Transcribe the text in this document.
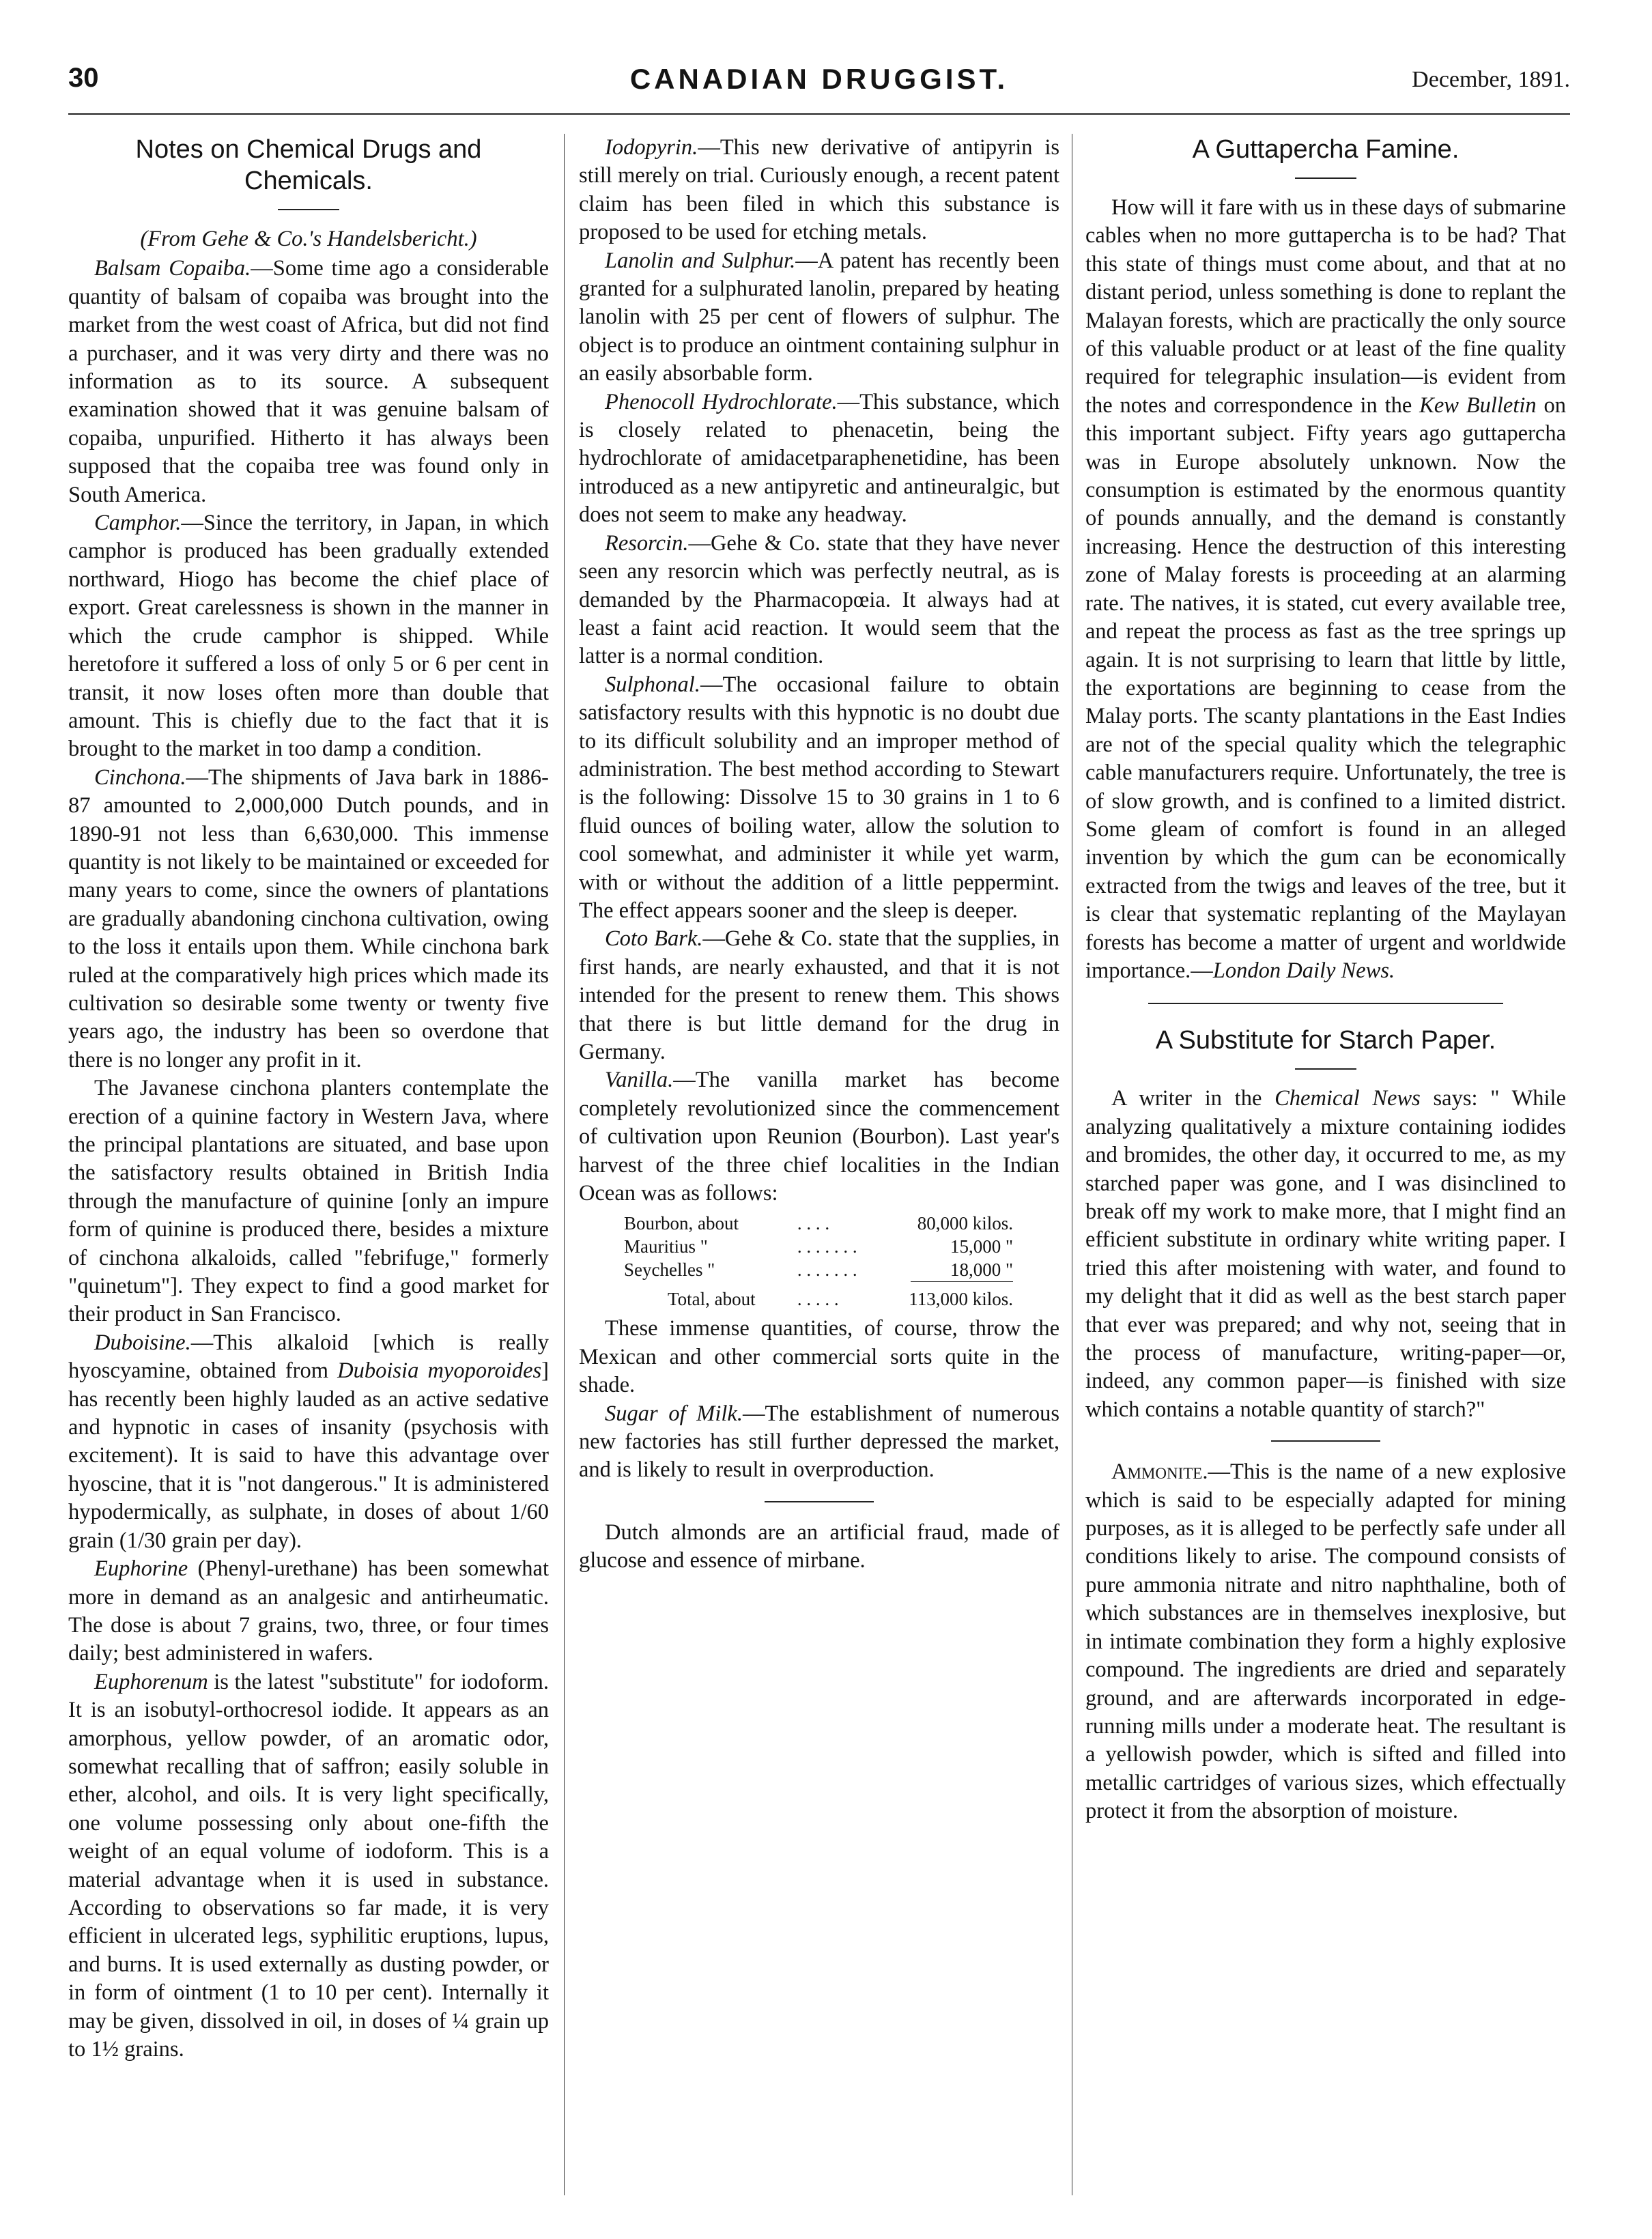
30	CANADIAN DRUGGIST.	December, 1891.
Notes on Chemical Drugs and Chemicals.

(From Gehe & Co.'s Handelsbericht.)

Balsam Copaiba.—Some time ago a considerable quantity of balsam of copaiba was brought into the market from the west coast of Africa, but did not find a purchaser, and it was very dirty and there was no information as to its source. A subsequent examination showed that it was genuine balsam of copaiba, unpurified. Hitherto it has always been supposed that the copaiba tree was found only in South America.

Camphor.—Since the territory, in Japan, in which camphor is produced has been gradually extended northward, Hiogo has become the chief place of export. Great carelessness is shown in the manner in which the crude camphor is shipped. While heretofore it suffered a loss of only 5 or 6 per cent in transit, it now loses often more than double that amount. This is chiefly due to the fact that it is brought to the market in too damp a condition.

Cinchona.—The shipments of Java bark in 1886-87 amounted to 2,000,000 Dutch pounds, and in 1890-91 not less than 6,630,000. This immense quantity is not likely to be maintained or exceeded for many years to come, since the owners of plantations are gradually abandoning cinchona cultivation, owing to the loss it entails upon them. While cinchona bark ruled at the comparatively high prices which made its cultivation so desirable some twenty or twenty five years ago, the industry has been so overdone that there is no longer any profit in it.

The Javanese cinchona planters contemplate the erection of a quinine factory in Western Java, where the principal plantations are situated, and base upon the satisfactory results obtained in British India through the manufacture of quinine [only an impure form of quinine is produced there, besides a mixture of cinchona alkaloids, called "febrifuge," formerly "quinetum"]. They expect to find a good market for their product in San Francisco.

Duboisine.—This alkaloid [which is really hyoscyamine, obtained from Duboisia myoporoides] has recently been highly lauded as an active sedative and hypnotic in cases of insanity (psychosis with excitement). It is said to have this advantage over hyoscine, that it is "not dangerous." It is administered hypodermically, as sulphate, in doses of about 1/60 grain (1/30 grain per day).

Euphorine (Phenyl-urethane) has been somewhat more in demand as an analgesic and antirheumatic. The dose is about 7 grains, two, three, or four times daily; best administered in wafers.

Euphorenum is the latest "substitute" for iodoform. It is an isobutyl-orthocresol iodide. It appears as an amorphous, yellow powder, of an aromatic odor, somewhat recalling that of saffron; easily soluble in ether, alcohol, and oils. It is very light specifically, one volume possessing only about one-fifth the weight of an equal volume of iodoform. This is a material advantage when it is used in substance. According to observations so far made, it is very efficient in ulcerated legs, syphilitic eruptions, lupus, and burns. It is used externally as dusting powder, or in form of ointment (1 to 10 per cent). Internally it may be given, dissolved in oil, in doses of ¼ grain up to 1½ grains.

Iodopyrin.—This new derivative of antipyrin is still merely on trial. Curiously enough, a recent patent claim has been filed in which this substance is proposed to be used for etching metals.

Lanolin and Sulphur.—A patent has recently been granted for a sulphurated lanolin, prepared by heating lanolin with 25 per cent of flowers of sulphur. The object is to produce an ointment containing sulphur in an easily absorbable form.

Phenocoll Hydrochlorate.—This substance, which is closely related to phenacetin, being the hydrochlorate of amidacetparaphenetidine, has been introduced as a new antipyretic and antineuralgic, but does not seem to make any headway.

Resorcin.—Gehe & Co. state that they have never seen any resorcin which was perfectly neutral, as is demanded by the Pharmacopœia. It always had at least a faint acid reaction. It would seem that the latter is a normal condition.

Sulphonal.—The occasional failure to obtain satisfactory results with this hypnotic is no doubt due to its difficult solubility and an improper method of administration. The best method according to Stewart is the following: Dissolve 15 to 30 grains in 1 to 6 fluid ounces of boiling water, allow the solution to cool somewhat, and administer it while yet warm, with or without the addition of a little peppermint. The effect appears sooner and the sleep is deeper.

Coto Bark.—Gehe & Co. state that the supplies, in first hands, are nearly exhausted, and that it is not intended for the present to renew them. This shows that there is but little demand for the drug in Germany.

Vanilla.—The vanilla market has become completely revolutionized since the commencement of cultivation upon Reunion (Bourbon). Last year's harvest of the three chief localities in the Indian Ocean was as follows:

Bourbon, about	. . . .	80,000 kilos.
Mauritius "	. . . . . . .	15,000 "
Seychelles "	. . . . . . .	18,000 "

Total, about	. . . . .	113,000 kilos.

These immense quantities, of course, throw the Mexican and other commercial sorts quite in the shade.

Sugar of Milk.—The establishment of numerous new factories has still further depressed the market, and is likely to result in overproduction.

Dutch almonds are an artificial fraud, made of glucose and essence of mirbane.

A Guttapercha Famine.

How will it fare with us in these days of submarine cables when no more guttapercha is to be had? That this state of things must come about, and that at no distant period, unless something is done to replant the Malayan forests, which are practically the only source of this valuable product or at least of the fine quality required for telegraphic insulation—is evident from the notes and correspondence in the Kew Bulletin on this important subject. Fifty years ago guttapercha was in Europe absolutely unknown. Now the consumption is estimated by the enormous quantity of pounds annually, and the demand is constantly increasing. Hence the destruction of this interesting zone of Malay forests is proceeding at an alarming rate. The natives, it is stated, cut every available tree, and repeat the process as fast as the tree springs up again. It is not surprising to learn that little by little, the exportations are beginning to cease from the Malay ports. The scanty plantations in the East Indies are not of the special quality which the telegraphic cable manufacturers require. Unfortunately, the tree is of slow growth, and is confined to a limited district. Some gleam of comfort is found in an alleged invention by which the gum can be economically extracted from the twigs and leaves of the tree, but it is clear that systematic replanting of the Maylayan forests has become a matter of urgent and worldwide importance.—London Daily News.

A Substitute for Starch Paper.

A writer in the Chemical News says: " While analyzing qualitatively a mixture containing iodides and bromides, the other day, it occurred to me, as my starched paper was gone, and I was disinclined to break off my work to make more, that I might find an efficient substitute in ordinary white writing paper. I tried this after moistening with water, and found to my delight that it did as well as the best starch paper that ever was prepared; and why not, seeing that in the process of manufacture, writing-paper—or, indeed, any common paper—is finished with size which contains a notable quantity of starch?"

Ammonite.—This is the name of a new explosive which is said to be especially adapted for mining purposes, as it is alleged to be perfectly safe under all conditions likely to arise. The compound consists of pure ammonia nitrate and nitro naphthaline, both of which substances are in themselves inexplosive, but in intimate combination they form a highly explosive compound. The ingredients are dried and separately ground, and are afterwards incorporated in edge-running mills under a moderate heat. The resultant is a yellowish powder, which is sifted and filled into metallic cartridges of various sizes, which effectually protect it from the absorption of moisture.
